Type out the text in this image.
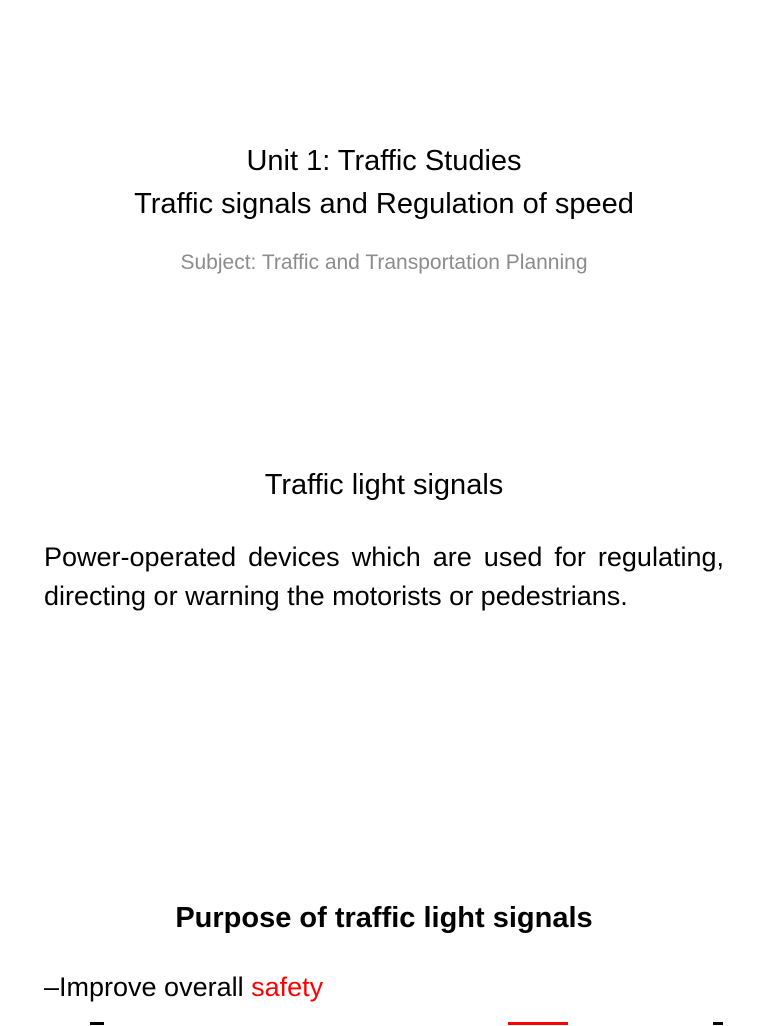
Unit 1: Traffic Studies
Traffic signals and Regulation of speed
Subject: Traffic and Transportation Planning
Traffic light signals
Power-operated devices which are used for regulating, directing or warning the motorists or pedestrians.
Purpose of traffic light signals
–Improve overall safety
